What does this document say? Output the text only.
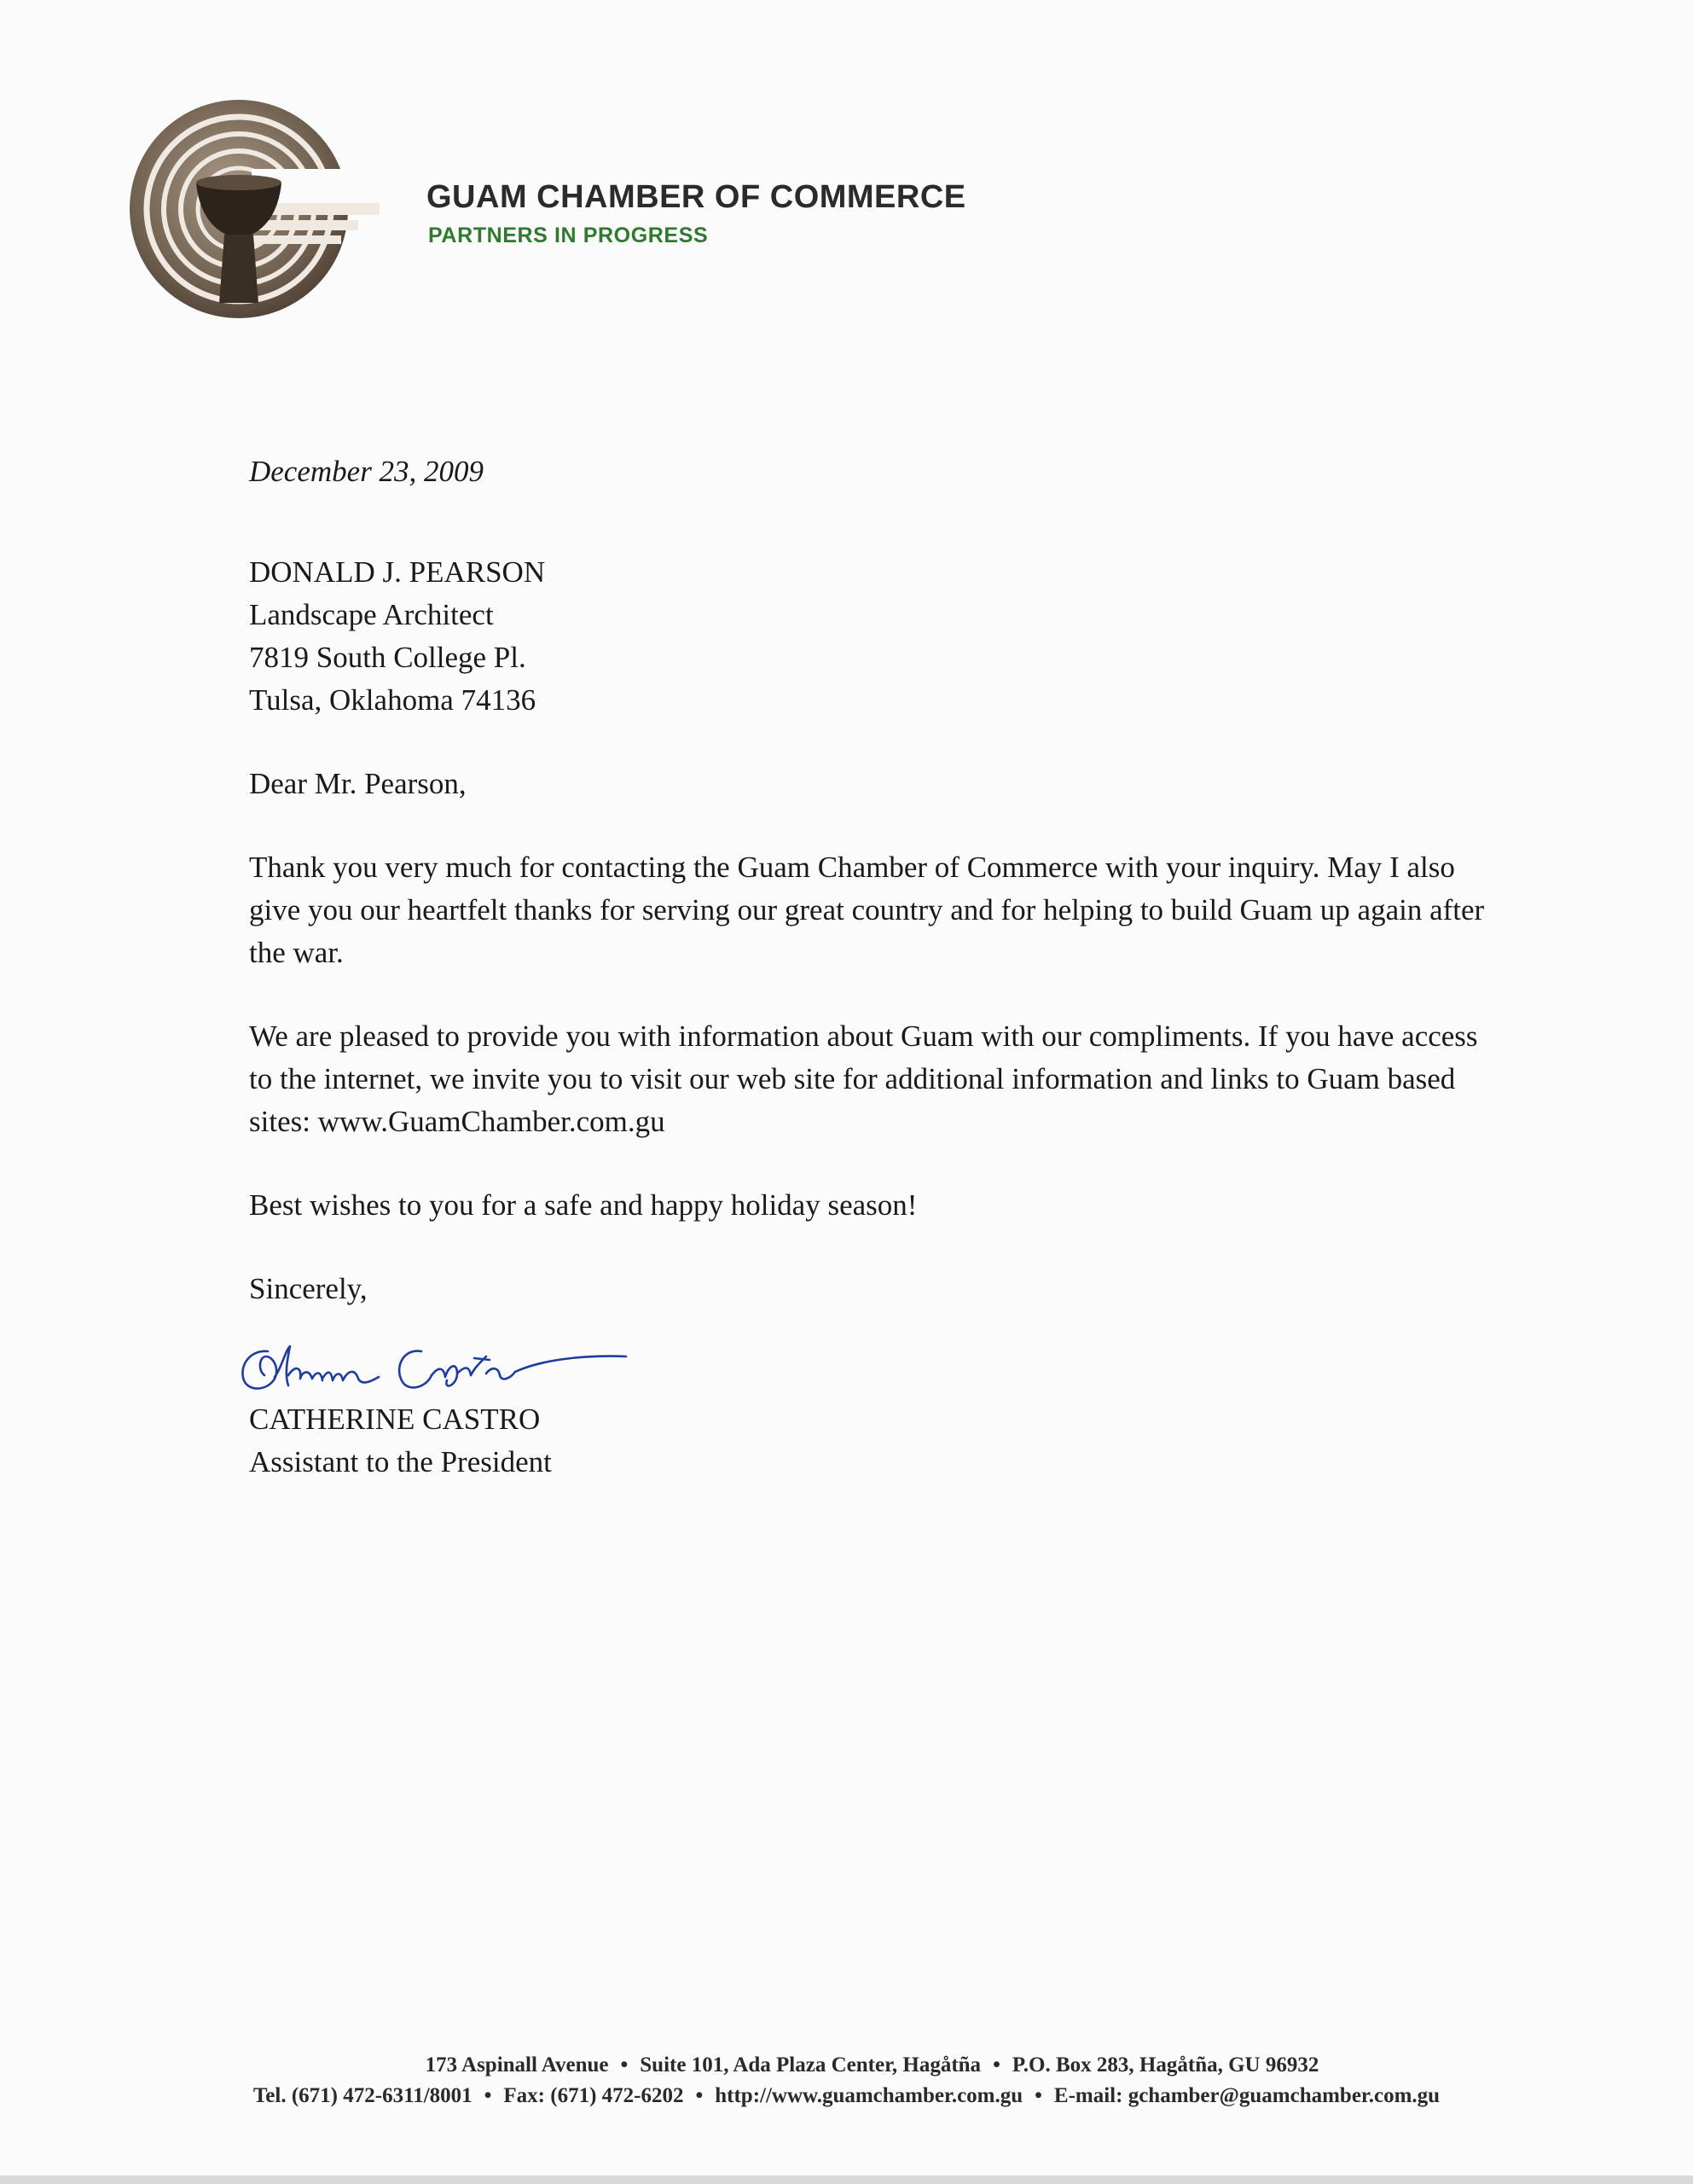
GUAM CHAMBER OF COMMERCE
PARTNERS IN PROGRESS
December 23, 2009
DONALD J. PEARSON
Landscape Architect
7819 South College Pl.
Tulsa, Oklahoma 74136
Dear Mr. Pearson,

Thank you very much for contacting the Guam Chamber of Commerce with your inquiry. May I also give you our heartfelt thanks for serving our great country and for helping to build Guam up again after the war.

We are pleased to provide you with information about Guam with our compliments. If you have access to the internet, we invite you to visit our web site for additional information and links to Guam based sites: www.GuamChamber.com.gu

Best wishes to you for a safe and happy holiday season!

Sincerely,
CATHERINE CASTRO
Assistant to the President
173 Aspinall Avenue • Suite 101, Ada Plaza Center, Hagåtña • P.O. Box 283, Hagåtña, GU 96932
Tel. (671) 472-6311/8001 • Fax: (671) 472-6202 • http://www.guamchamber.com.gu • E-mail: gchamber@guamchamber.com.gu
